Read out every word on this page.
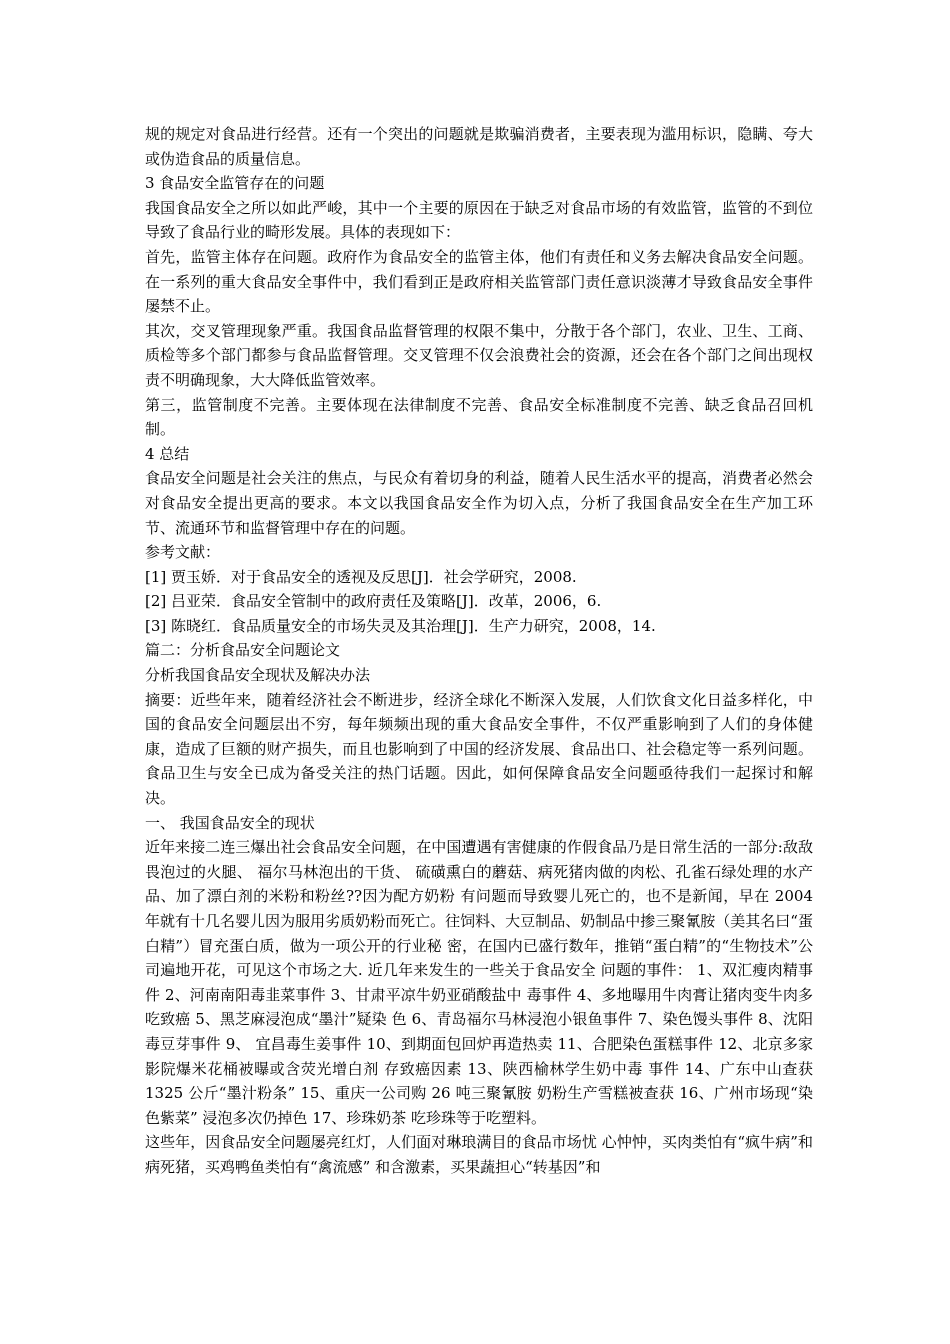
规的规定对食品进行经营。还有一个突出的问题就是欺骗消费者，主要表现为滥用标识，隐瞒、夸大或伪造食品的质量信息。

3 食品安全监管存在的问题

我国食品安全之所以如此严峻，其中一个主要的原因在于缺乏对食品市场的有效监管，监管的不到位导致了食品行业的畸形发展。具体的表现如下：

首先，监管主体存在问题。政府作为食品安全的监管主体，他们有责任和义务去解决食品安全问题。在一系列的重大食品安全事件中，我们看到正是政府相关监管部门责任意识淡薄才导致食品安全事件屡禁不止。

其次，交叉管理现象严重。我国食品监督管理的权限不集中，分散于各个部门，农业、卫生、工商、质检等多个部门都参与食品监督管理。交叉管理不仅会浪费社会的资源，还会在各个部门之间出现权责不明确现象，大大降低监管效率。

第三，监管制度不完善。主要体现在法律制度不完善、食品安全标准制度不完善、缺乏食品召回机制。

4 总结

食品安全问题是社会关注的焦点，与民众有着切身的利益，随着人民生活水平的提高，消费者必然会对食品安全提出更高的要求。本文以我国食品安全作为切入点，分析了我国食品安全在生产加工环节、流通环节和监督管理中存在的问题。

参考文献：

[1] 贾玉娇．对于食品安全的透视及反思[J]．社会学研究，2008.

[2] 吕亚荣．食品安全管制中的政府责任及策略[J]．改革，2006，6.

[3] 陈晓红．食品质量安全的市场失灵及其治理[J]．生产力研究，2008，14.

篇二：分析食品安全问题论文

分析我国食品安全现状及解决办法

摘要：近些年来，随着经济社会不断进步，经济全球化不断深入发展，人们饮食文化日益多样化，中国的食品安全问题层出不穷，每年频频出现的重大食品安全事件，不仅严重影响到了人们的身体健康，造成了巨额的财产损失，而且也影响到了中国的经济发展、食品出口、社会稳定等一系列问题。食品卫生与安全已成为备受关注的热门话题。因此，如何保障食品安全问题亟待我们一起探讨和解决。

一、 我国食品安全的现状

近年来接二连三爆出社会食品安全问题，在中国遭遇有害健康的作假食品乃是日常生活的一部分:敌敌畏泡过的火腿、 福尔马林泡出的干货、 硫磺熏白的蘑菇、病死猪肉做的肉松、孔雀石绿处理的水产品、加了漂白剂的米粉和粉丝??因为配方奶粉 有问题而导致婴儿死亡的，也不是新闻，早在 2004 年就有十几名婴儿因为服用劣质奶粉而死亡。往饲料、大豆制品、奶制品中掺三聚氰胺（美其名曰“蛋白精”）冒充蛋白质，做为一项公开的行业秘 密，在国内已盛行数年，推销“蛋白精”的“生物技术”公司遍地开花，可见这个市场之大. 近几年来发生的一些关于食品安全 问题的事件： 1、双汇瘦肉精事件 2、河南南阳毒韭菜事件 3、甘肃平凉牛奶亚硝酸盐中 毒事件 4、多地曝用牛肉膏让猪肉变牛肉多吃致癌 5、黑芝麻浸泡成“墨汁”疑染 色 6、青岛福尔马林浸泡小银鱼事件 7、染色馒头事件 8、沈阳毒豆芽事件 9、 宜昌毒生姜事件 10、到期面包回炉再造热卖 11、合肥染色蛋糕事件 12、北京多家影院爆米花桶被曝或含荧光增白剂 存致癌因素 13、陕西榆林学生奶中毒 事件 14、广东中山查获 1325 公斤“墨汁粉条” 15、重庆一公司购 26 吨三聚氰胺 奶粉生产雪糕被查获 16、广州市场现“染色紫菜” 浸泡多次仍掉色 17、珍珠奶茶 吃珍珠等于吃塑料。

这些年，因食品安全问题屡亮红灯，人们面对琳琅满目的食品市场忧 心忡忡，买肉类怕有“疯牛病”和病死猪，买鸡鸭鱼类怕有“禽流感” 和含激素，买果蔬担心“转基因”和
